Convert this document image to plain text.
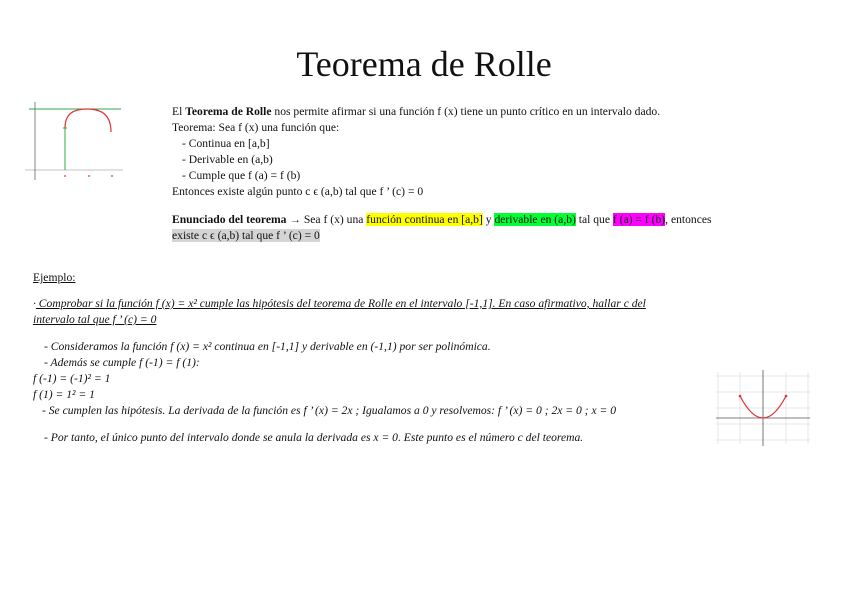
Teorema de Rolle
El Teorema de Rolle nos permite afirmar si una función f (x) tiene un punto crítico en un intervalo dado.
Teorema: Sea f (x) una función que:
- Continua en [a,b]
- Derivable en (a,b)
- Cumple que f (a) = f (b)
Entonces existe algún punto c ϵ (a,b) tal que f ’ (c) = 0
Enunciado del teorema → Sea f (x) una función continua en [a,b] y derivable en (a,b) tal que f (a) = f (b), entonces
existe c ϵ (a,b) tal que f ’ (c) = 0
Ejemplo:
· Comprobar si la función f (x) = x² cumple las hipótesis del teorema de Rolle en el intervalo [-1,1]. En caso afirmativo, hallar c del
intervalo tal que f ’ (c) = 0
- Consideramos la función f (x) = x² continua en [-1,1] y derivable en (-1,1) por ser polinómica.
- Además se cumple f (-1) = f (1):
f (-1) = (-1)² = 1
f (1) = 1² = 1
- Se cumplen las hipótesis. La derivada de la función es f ’ (x) = 2x ; Igualamos a 0 y resolvemos: f ’ (x) = 0 ; 2x = 0 ; x = 0
- Por tanto, el único punto del intervalo donde se anula la derivada es x = 0. Este punto es el número c del teorema.
